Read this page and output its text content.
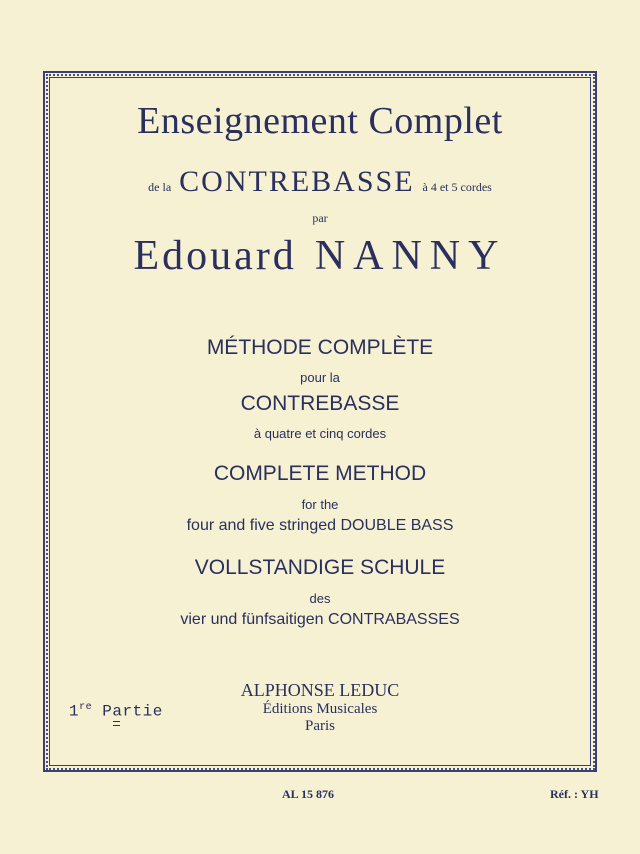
Enseignement Complet
de la CONTREBASSE à 4 et 5 cordes
par
Edouard NANNY
MÉTHODE COMPLÈTE
pour la
CONTREBASSE
à quatre et cinq cordes
COMPLETE METHOD
for the
four and five stringed DOUBLE BASS
VOLLSTANDIGE SCHULE
des
vier und fünfsaitigen CONTRABASSES
1re Partie
ALPHONSE LEDUC
Éditions Musicales
Paris
AL 15 876	Réf. : YH
